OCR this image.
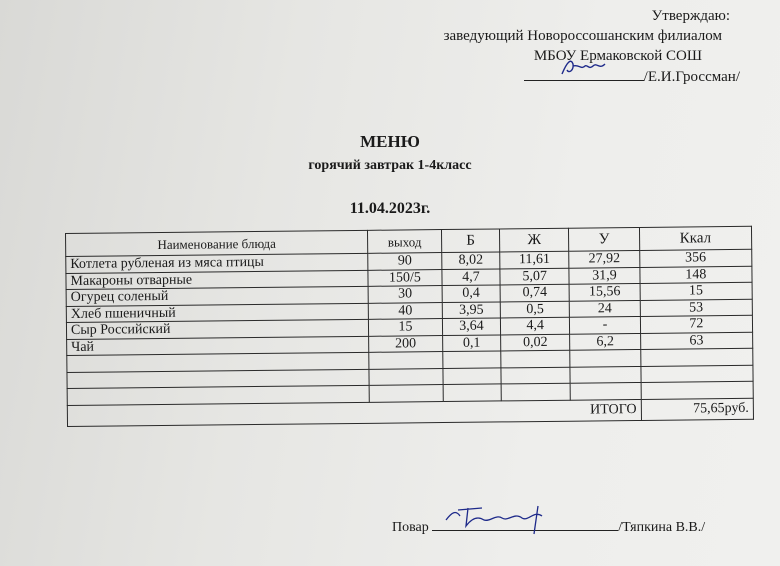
Утверждаю:
заведующий Новороссошанским филиалом
МБОУ Ермаковской СОШ
/Е.И.Гроссман/
МЕНЮ
горячий завтрак 1-4класс
11.04.2023г.
Наименование блюда	выход	Б	Ж	У	Ккал
Котлета рубленая из мяса птицы	90	8,02	11,61	27,92	356
Макароны отварные	150/5	4,7	5,07	31,9	148
Огурец соленый	30	0,4	0,74	15,56	15
Хлеб пшеничный	40	3,95	0,5	24	53
Сыр Российский	15	3,64	4,4	-	72
Чай	200	0,1	0,02	6,2	63

ИТОГО					75,65руб.
Повар	/Тяпкина В.В./
